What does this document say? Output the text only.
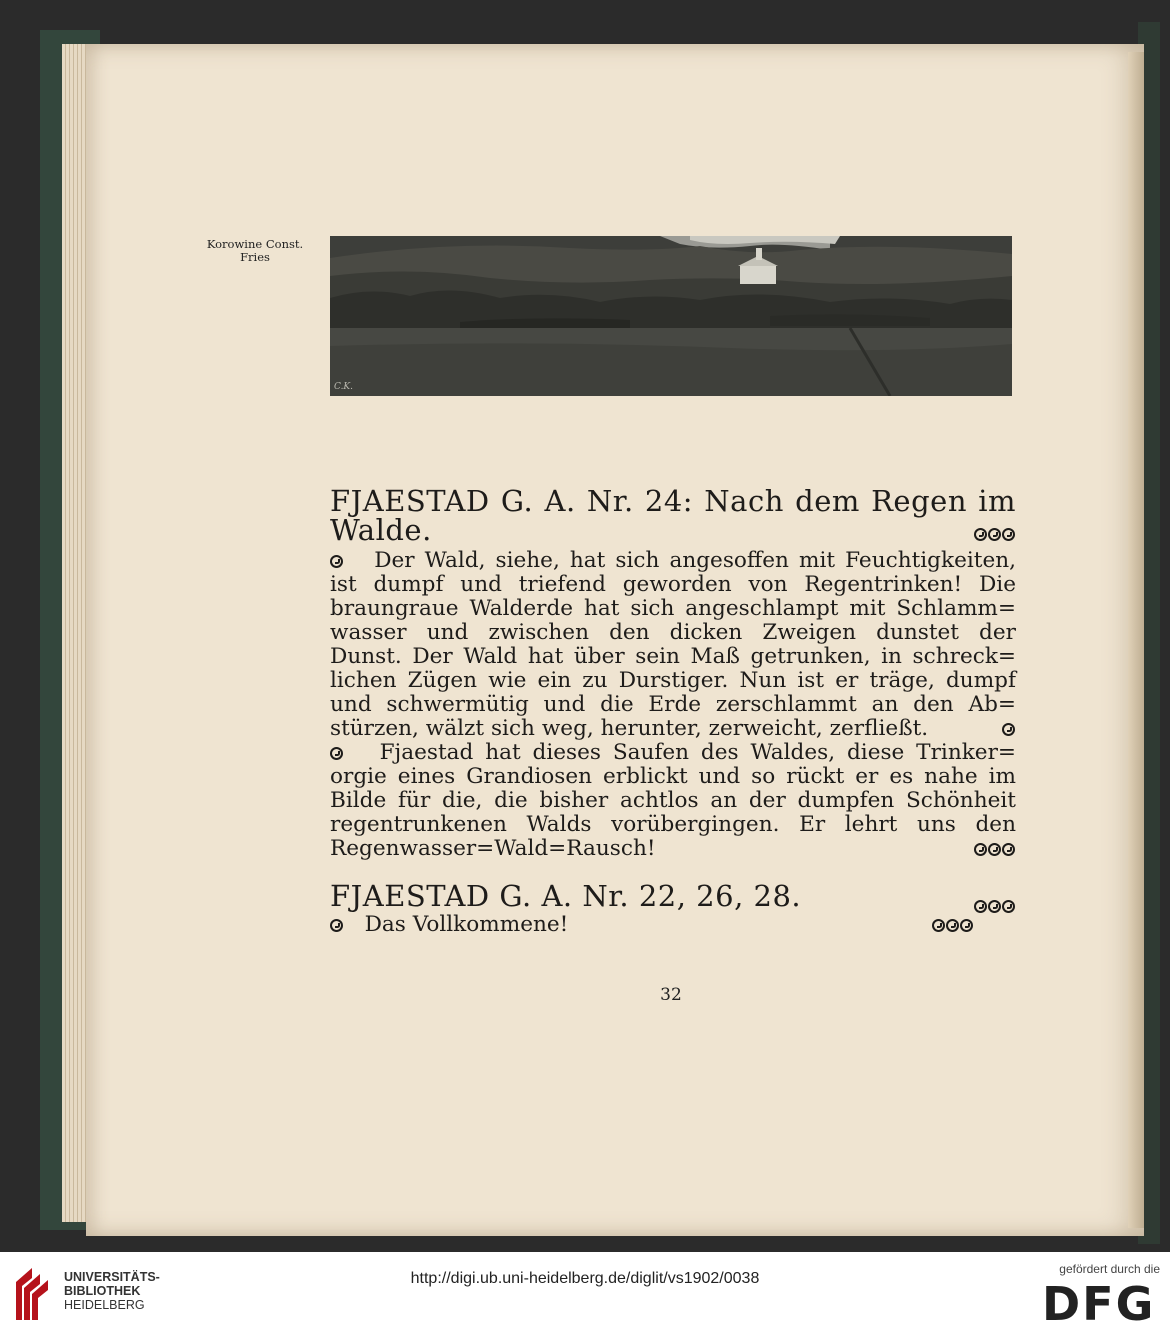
Korowine Const.
Fries
C.K.
FJAESTAD G. A. Nr. 24: Nach dem Regen im
Walde.
Der Wald, siehe, hat sich angesoffen mit Feuchtigkeiten,
ist dumpf und triefend geworden von Regentrinken! Die
braungraue Walderde hat sich angeschlampt mit Schlamm=
wasser und zwischen den dicken Zweigen dunstet der
Dunst. Der Wald hat über sein Maß getrunken, in schreck=
lichen Zügen wie ein zu Durstiger. Nun ist er träge, dumpf
und schwermütig und die Erde zerschlammt an den Ab=
stürzen, wälzt sich weg, herunter, zerweicht, zerfließt.
Fjaestad hat dieses Saufen des Waldes, diese Trinker=
orgie eines Grandiosen erblickt und so rückt er es nahe im
Bilde für die, die bisher achtlos an der dumpfen Schönheit
regentrunkenen Walds vorübergingen. Er lehrt uns den
Regenwasser=Wald=Rausch!
FJAESTAD G. A. Nr. 22, 26, 28.
Das Vollkommene!
32
UNIVERSITÄTS-
BIBLIOTHEK
HEIDELBERG
http://digi.ub.uni-heidelberg.de/diglit/vs1902/0038
gefördert durch die
DFG
